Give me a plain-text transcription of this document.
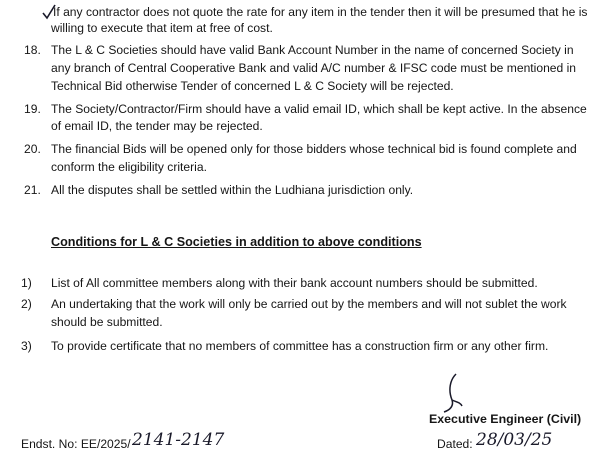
If any contractor does not quote the rate for any item in the tender then it will be presumed that he is
willing to execute that item at free of cost.
18. The L & C Societies should have valid Bank Account Number in the name of concerned Society in
any branch of Central Cooperative Bank and valid A/C number & IFSC code must be mentioned in
Technical Bid otherwise Tender of concerned L & C Society will be rejected.
19. The Society/Contractor/Firm should have a valid email ID, which shall be kept active. In the absence
of email ID, the tender may be rejected.
20. The financial Bids will be opened only for those bidders whose technical bid is found complete and
conform the eligibility criteria.
21. All the disputes shall be settled within the Ludhiana jurisdiction only.
Conditions for L & C Societies in addition to above conditions
1) List of All committee members along with their bank account numbers should be submitted.
2) An undertaking that the work will only be carried out by the members and will not sublet the work
should be submitted.
3) To provide certificate that no members of committee has a construction firm or any other firm.
Executive Engineer (Civil)
Endst. No: EE/2025/ 2141-2147	Dated: 28/03/25
